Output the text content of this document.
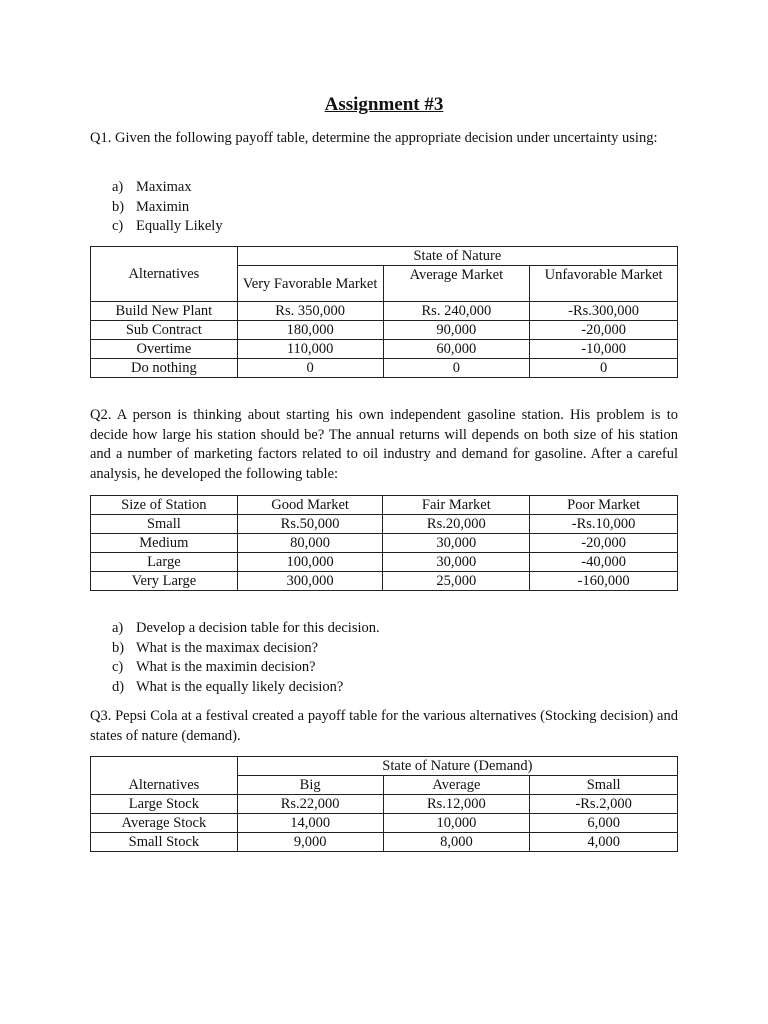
Assignment #3
Q1. Given the following payoff table, determine the appropriate decision under uncertainty using:
a) Maximax
b) Maximin
c) Equally Likely
Alternatives	State of Nature		
	Very Favorable Market	Average Market	Unfavorable Market
Build New Plant	Rs. 350,000	Rs. 240,000	-Rs.300,000
Sub Contract	180,000	90,000	-20,000
Overtime	110,000	60,000	-10,000
Do nothing	0	0	0
Q2. A person is thinking about starting his own independent gasoline station. His problem is to decide how large his station should be? The annual returns will depends on both size of his station and a number of marketing factors related to oil industry and demand for gasoline. After a careful analysis, he developed the following table:
Size of Station	Good Market	Fair Market	Poor Market
Small	Rs.50,000	Rs.20,000	-Rs.10,000
Medium	80,000	30,000	-20,000
Large	100,000	30,000	-40,000
Very Large	300,000	25,000	-160,000
a) Develop a decision table for this decision.
b) What is the maximax decision?
c) What is the maximin decision?
d) What is the equally likely decision?
Q3. Pepsi Cola at a festival created a payoff table for the various alternatives (Stocking decision) and states of nature (demand).
	State of Nature (Demand)		
Alternatives	Big	Average	Small
Large Stock	Rs.22,000	Rs.12,000	-Rs.2,000
Average Stock	14,000	10,000	6,000
Small Stock	9,000	8,000	4,000
